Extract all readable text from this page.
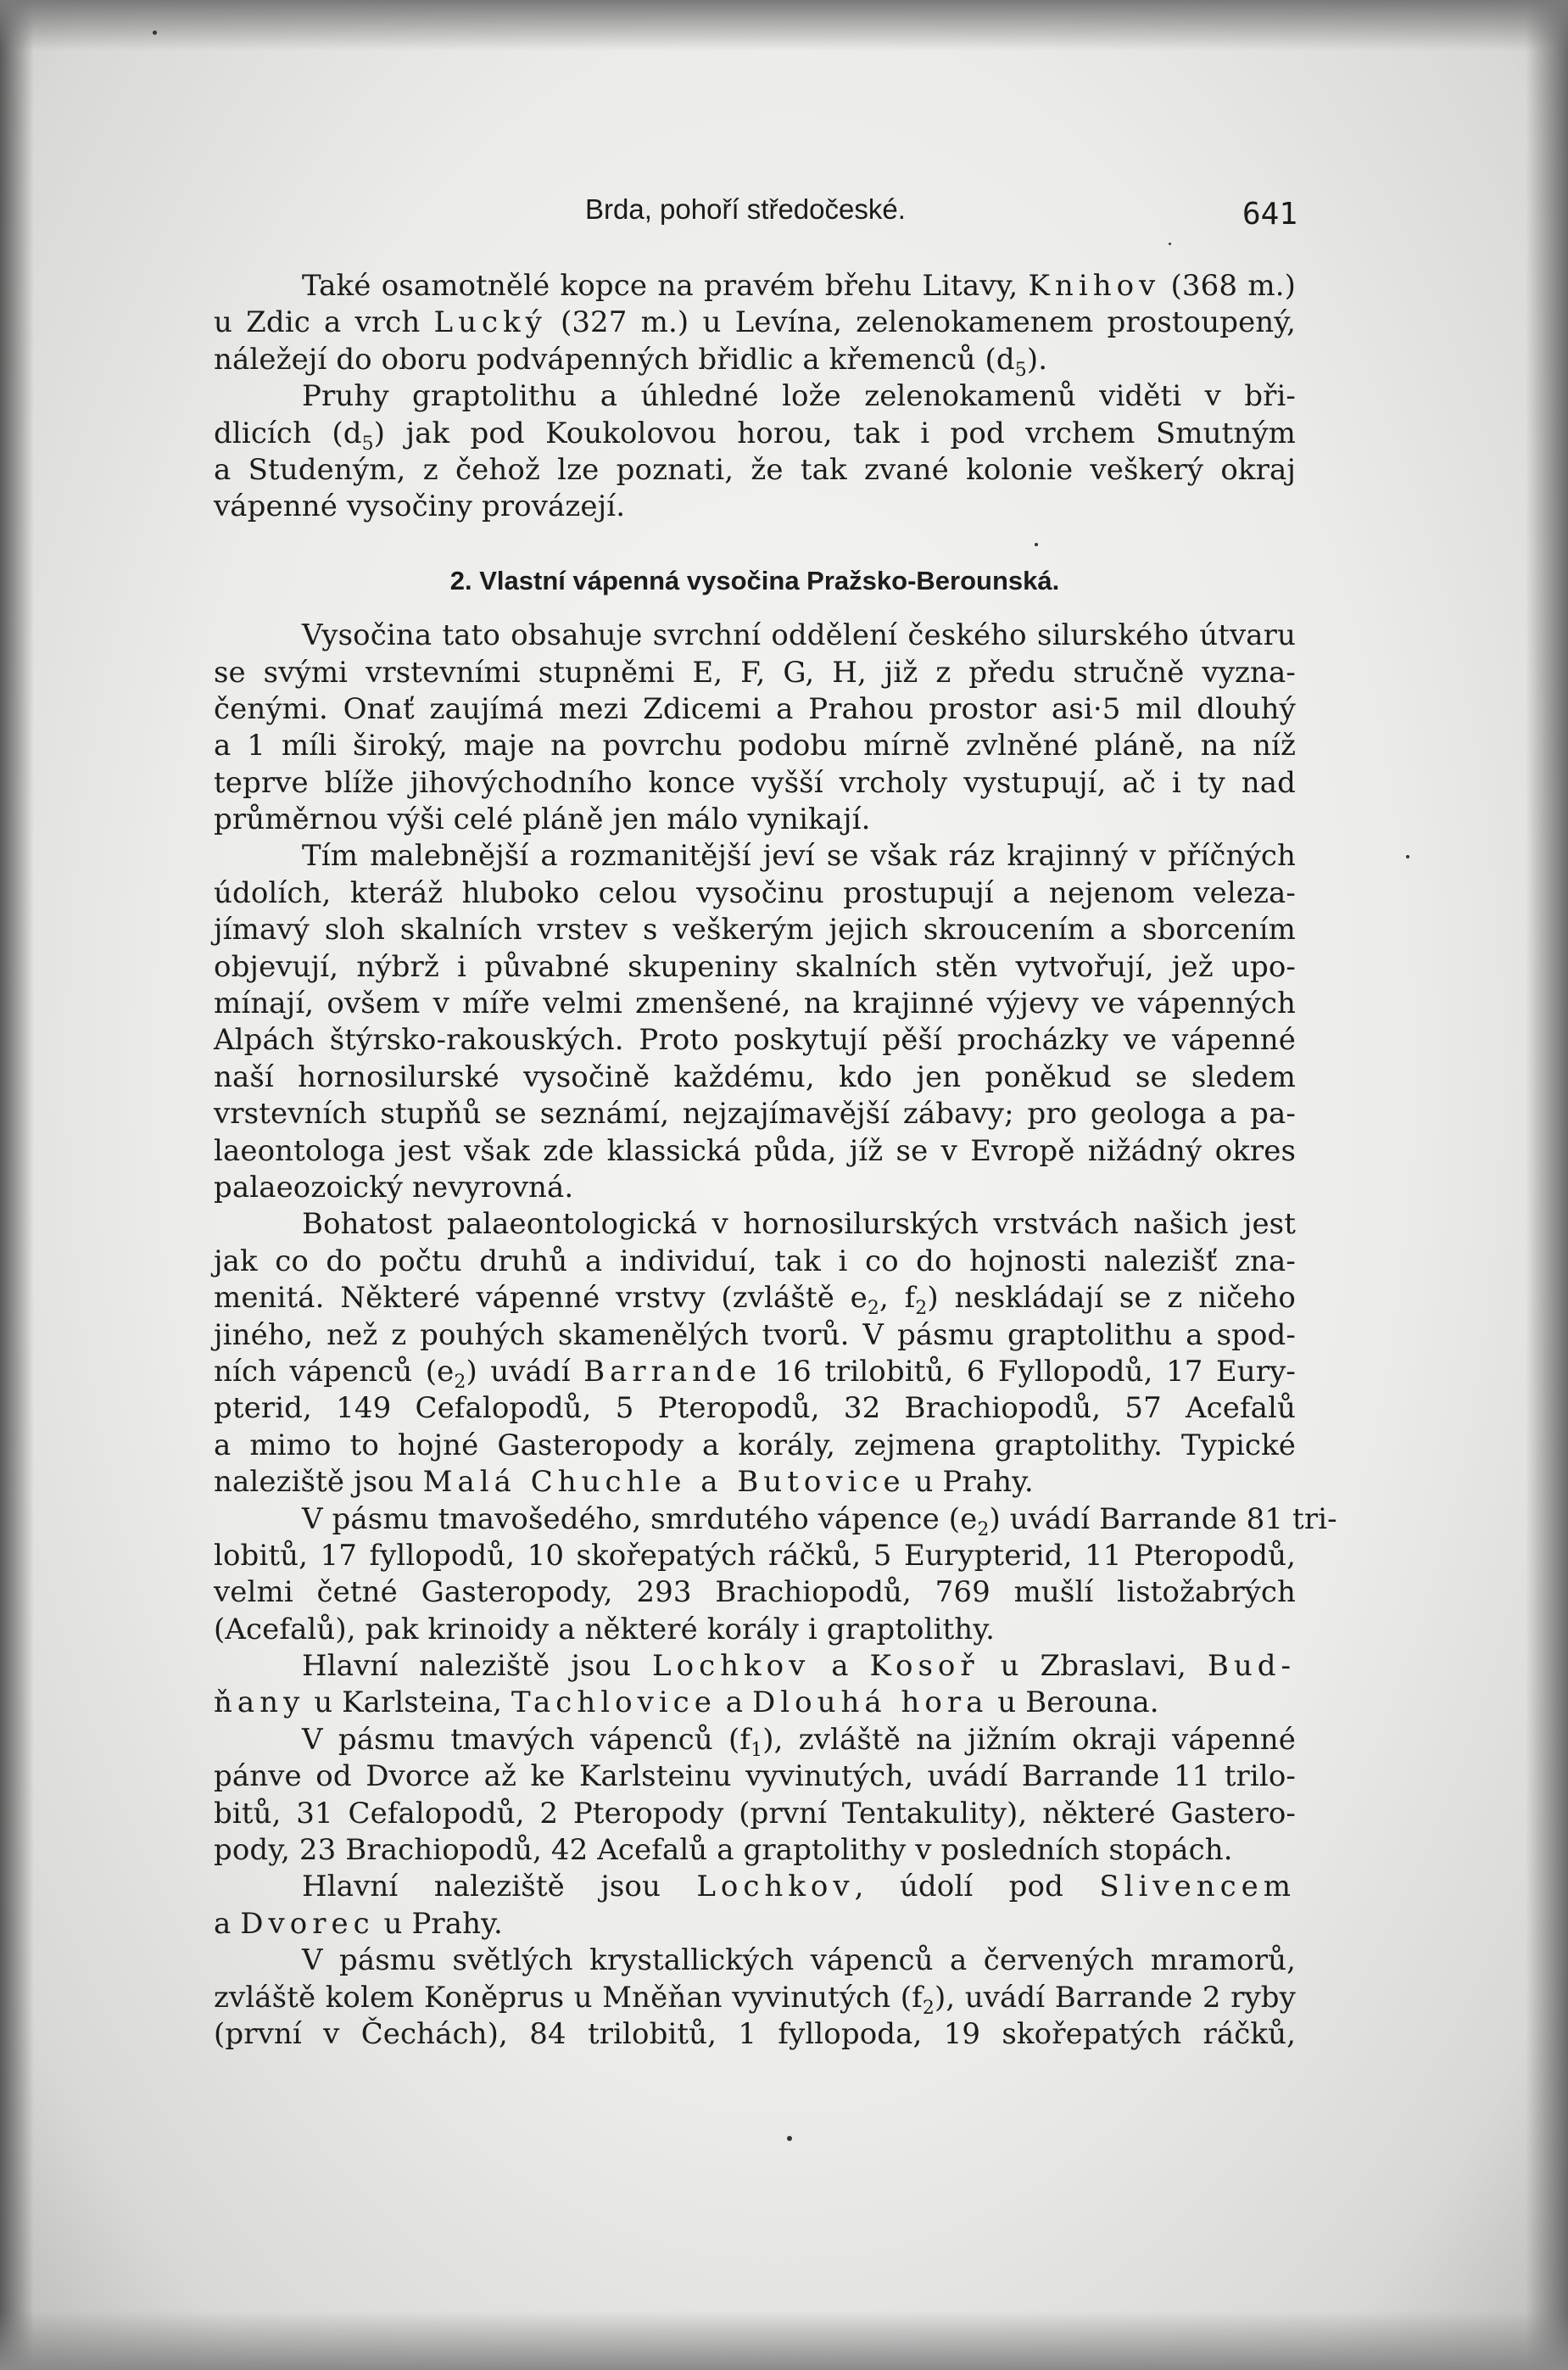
Brda, pohoří středočeské.	641
Také osamotnělé kopce na pravém břehu Litavy, Knihov (368 m.)
u Zdic a vrch Lucký (327 m.) u Levína, zelenokamenem prostoupený,
náležejí do oboru podvápenných břidlic a křemenců $(d_5)$.
Pruhy graptolithu a úhledné lože zelenokamenů viděti v bři-
dlicích $(d_5)$ jak pod Koukolovou horou, tak i pod vrchem Smutným
a Studeným, z čehož lze poznati, že tak zvané kolonie veškerý okraj
vápenné vysočiny provázejí.
2. Vlastní vápenná vysočina Pražsko-Berounská.
Vysočina tato obsahuje svrchní oddělení českého silurského útvaru
se svými vrstevními stupněmi E, F, G, H, již z předu stručně vyzna-
čenými. Onať zaujímá mezi Zdicemi a Prahou prostor asi·5 mil dlouhý
a 1 míli široký, maje na povrchu podobu mírně zvlněné pláně, na níž
teprve blíže jihovýchodního konce vyšší vrcholy vystupují, ač i ty nad
průměrnou výši celé pláně jen málo vynikají.
Tím malebnější a rozmanitější jeví se však ráz krajinný v příčných
údolích, kteráž hluboko celou vysočinu prostupují a nejenom veleza-
jímavý sloh skalních vrstev s veškerým jejich skroucením a sborcením
objevují, nýbrž i půvabné skupeniny skalních stěn vytvořují, jež upo-
mínají, ovšem v míře velmi zmenšené, na krajinné výjevy ve vápenných
Alpách štýrsko-rakouských. Proto poskytují pěší procházky ve vápenné
naší hornosilurské vysočině každému, kdo jen poněkud se sledem
vrstevních stupňů se seznámí, nejzajímavější zábavy; pro geologa a pa-
laeontologa jest však zde klassická půda, jíž se v Evropě nižádný okres
palaeozoický nevyrovná.
Bohatost palaeontologická v hornosilurských vrstvách našich jest
jak co do počtu druhů a individuí, tak i co do hojnosti nalezišť zna-
menitá. Některé vápenné vrstvy (zvláště $e_2$, $f_2$) neskládají se z ničeho
jiného, než z pouhých skamenělých tvorů. V pásmu graptolithu a spod-
ních vápenců $(e_2)$ uvádí Barrande 16 trilobitů, 6 Fyllopodů, 17 Eury-
pterid, 149 Cefalopodů, 5 Pteropodů, 32 Brachiopodů, 57 Acefalů
a mimo to hojné Gasteropody a korály, zejmena graptolithy. Typické
naleziště jsou Malá Chuchle a Butovice u Prahy.
V pásmu tmavošedého, smrdutého vápence $(e_2)$ uvádí Barrande 81 tri-
lobitů, 17 fyllopodů, 10 skořepatých ráčků, 5 Eurypterid, 11 Pteropodů,
velmi četné Gasteropody, 293 Brachiopodů, 769 mušlí listožabrých
(Acefalů), pak krinoidy a některé korály i graptolithy.
Hlavní naleziště jsou Lochkov a Kosoř u Zbraslavi, Bud-
ňany u Karlsteina, Tachlovice a Dlouhá hora u Berouna.
V pásmu tmavých vápenců $(f_1)$, zvláště na jižním okraji vápenné
pánve od Dvorce až ke Karlsteinu vyvinutých, uvádí Barrande 11 trilo-
bitů, 31 Cefalopodů, 2 Pteropody (první Tentakulity), některé Gastero-
pody, 23 Brachiopodů, 42 Acefalů a graptolithy v posledních stopách.
Hlavní naleziště jsou Lochkov, údolí pod Slivencem
a Dvorec u Prahy.
V pásmu světlých krystallických vápenců a červených mramorů,
zvláště kolem Koněprus u Mněňan vyvinutých $(f_2)$, uvádí Barrande 2 ryby
(první v Čechách), 84 trilobitů, 1 fyllopoda, 19 skořepatých ráčků,
